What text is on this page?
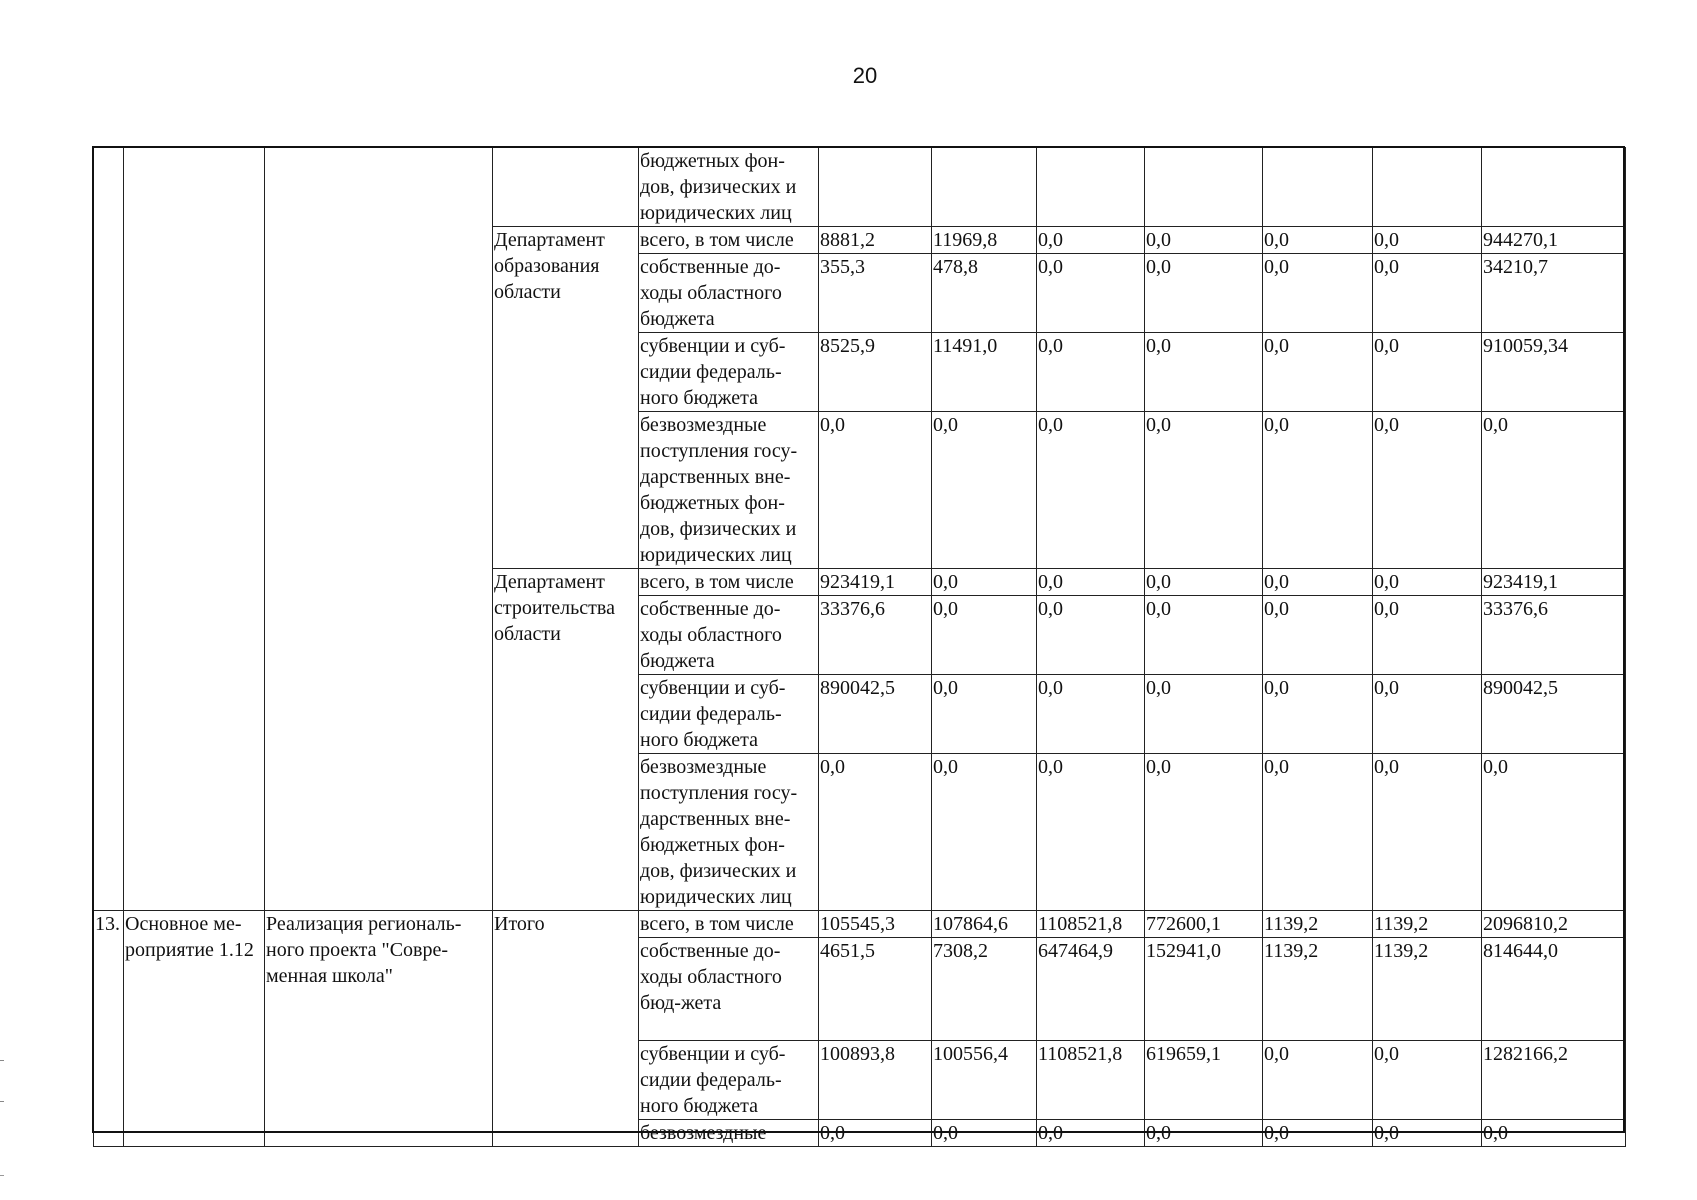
20
				бюджетных фон-дов, физических и юридических лиц							
			Департамент образования области	всего, в том числе	8881,2	11969,8	0,0	0,0	0,0	0,0	944270,1
				собственные до-ходы областного бюджета	355,3	478,8	0,0	0,0	0,0	0,0	34210,7
				субвенции и суб-сидии федераль-ного бюджета	8525,9	11491,0	0,0	0,0	0,0	0,0	910059,34
				безвозмездные поступления госу-дарственных вне-бюджетных фон-дов, физических и юридических лиц	0,0	0,0	0,0	0,0	0,0	0,0	0,0
			Департамент строительства области	всего, в том числе	923419,1	0,0	0,0	0,0	0,0	0,0	923419,1
				собственные до-ходы областного бюджета	33376,6	0,0	0,0	0,0	0,0	0,0	33376,6
				субвенции и суб-сидии федераль-ного бюджета	890042,5	0,0	0,0	0,0	0,0	0,0	890042,5
				безвозмездные поступления госу-дарственных вне-бюджетных фон-дов, физических и юридических лиц	0,0	0,0	0,0	0,0	0,0	0,0	0,0
13.	Основное ме-роприятие 1.12	Реализация региональ-ного проекта "Совре-менная школа"	Итого	всего, в том числе	105545,3	107864,6	1108521,8	772600,1	1139,2	1139,2	2096810,2
				собственные до-ходы областного бюд-жета	4651,5	7308,2	647464,9	152941,0	1139,2	1139,2	814644,0
				субвенции и суб-сидии федераль-ного бюджета	100893,8	100556,4	1108521,8	619659,1	0,0	0,0	1282166,2
				безвозмездные	0,0	0,0	0,0	0,0	0,0	0,0	0,0
